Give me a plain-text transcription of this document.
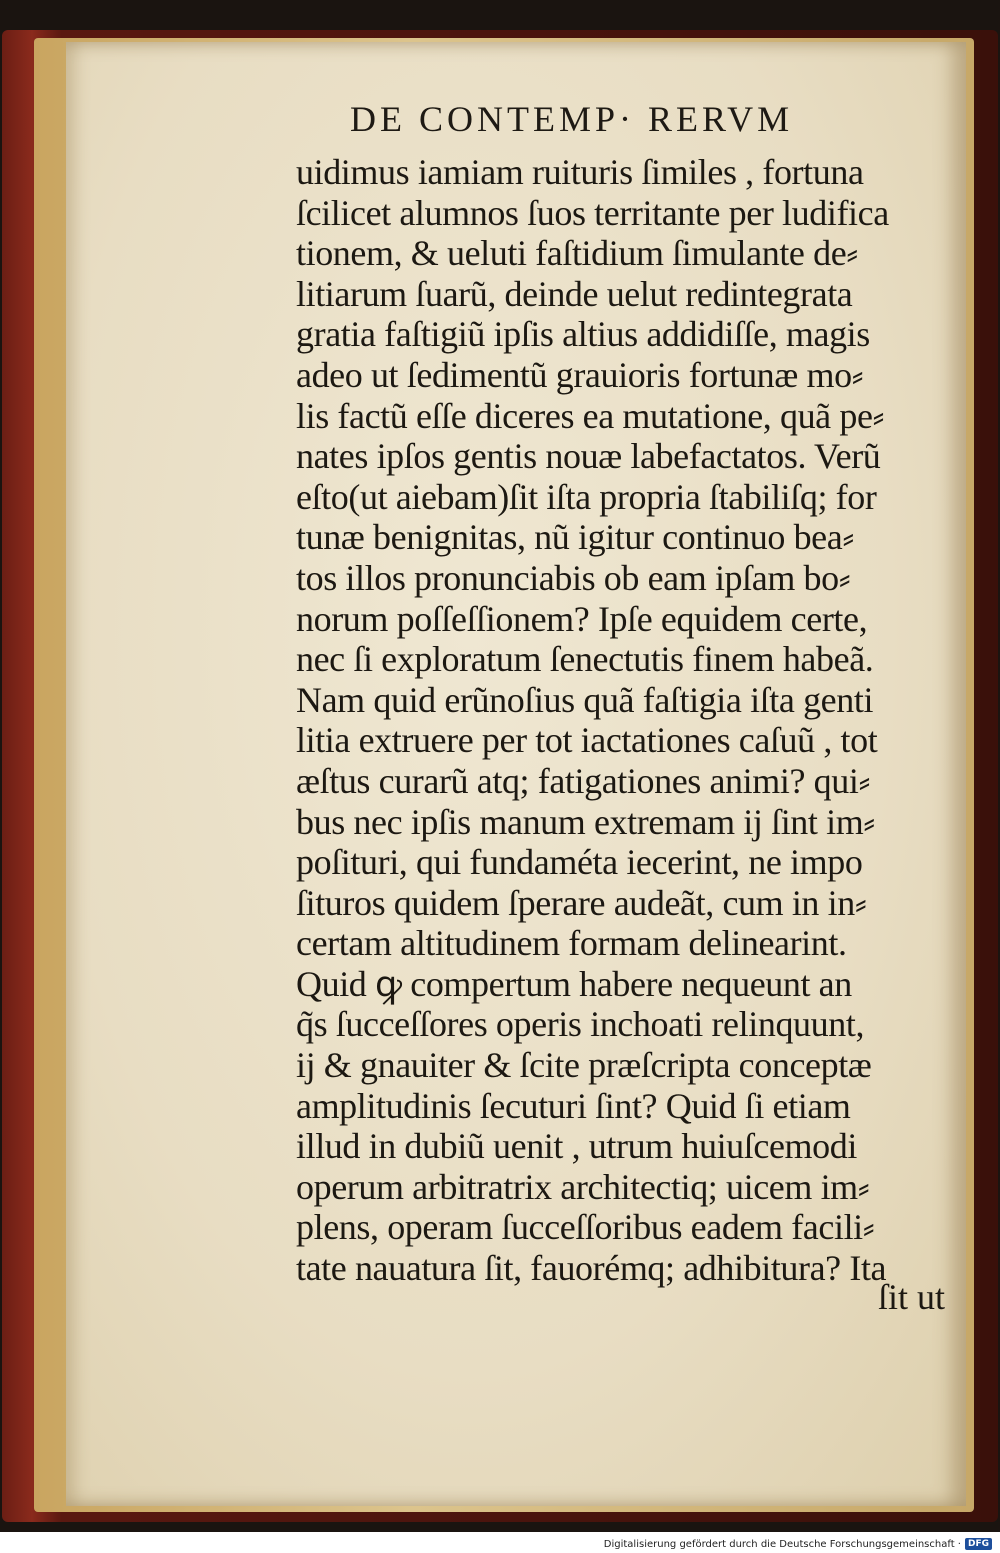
DE CONTEMP· RERVM
uidimus iamiam ruituris ſimiles , fortuna
ſcilicet alumnos ſuos territante per ludifica
tionem, & ueluti faſtidium ſimulante de⸗
litiarum ſuarũ, deinde uelut redintegrata
gratia faſtigiũ ipſis altius addidiſſe, magis
adeo ut ſedimentũ grauioris fortunæ mo⸗
lis factũ eſſe diceres ea mutatione, quã pe⸗
nates ipſos gentis nouæ labefactatos. Verũ
eſto(ut aiebam)ſit iſta propria ſtabiliſq; for
tunæ benignitas, nũ igitur continuo bea⸗
tos illos pronunciabis ob eam ipſam bo⸗
norum poſſeſſionem? Ipſe equidem certe,
nec ſi exploratum ſenectutis finem habeã.
Nam quid erũnoſius quã faſtigia iſta genti
litia extruere per tot iactationes caſuũ , tot
æſtus curarũ atq; fatigationes animi? qui⸗
bus nec ipſis manum extremam ij ſint im⸗
poſituri, qui fundaméta iecerint, ne impo
ſituros quidem ſperare audeãt, cum in in⸗
certam altitudinem formam delinearint.
Quid ꝙ compertum habere nequeunt an
q̃s ſucceſſores operis inchoati relinquunt,
ij & gnauiter & ſcite præſcripta conceptæ
amplitudinis ſecuturi ſint? Quid ſi etiam
illud in dubiũ uenit , utrum huiuſcemodi
operum arbitratrix architectiq; uicem im⸗
plens, operam ſucceſſoribus eadem facili⸗
tate nauatura ſit, fauorémq; adhibitura? Ita
ſit ut
Digitalisierung gefördert durch die Deutsche Forschungsgemeinschaft · DFG
